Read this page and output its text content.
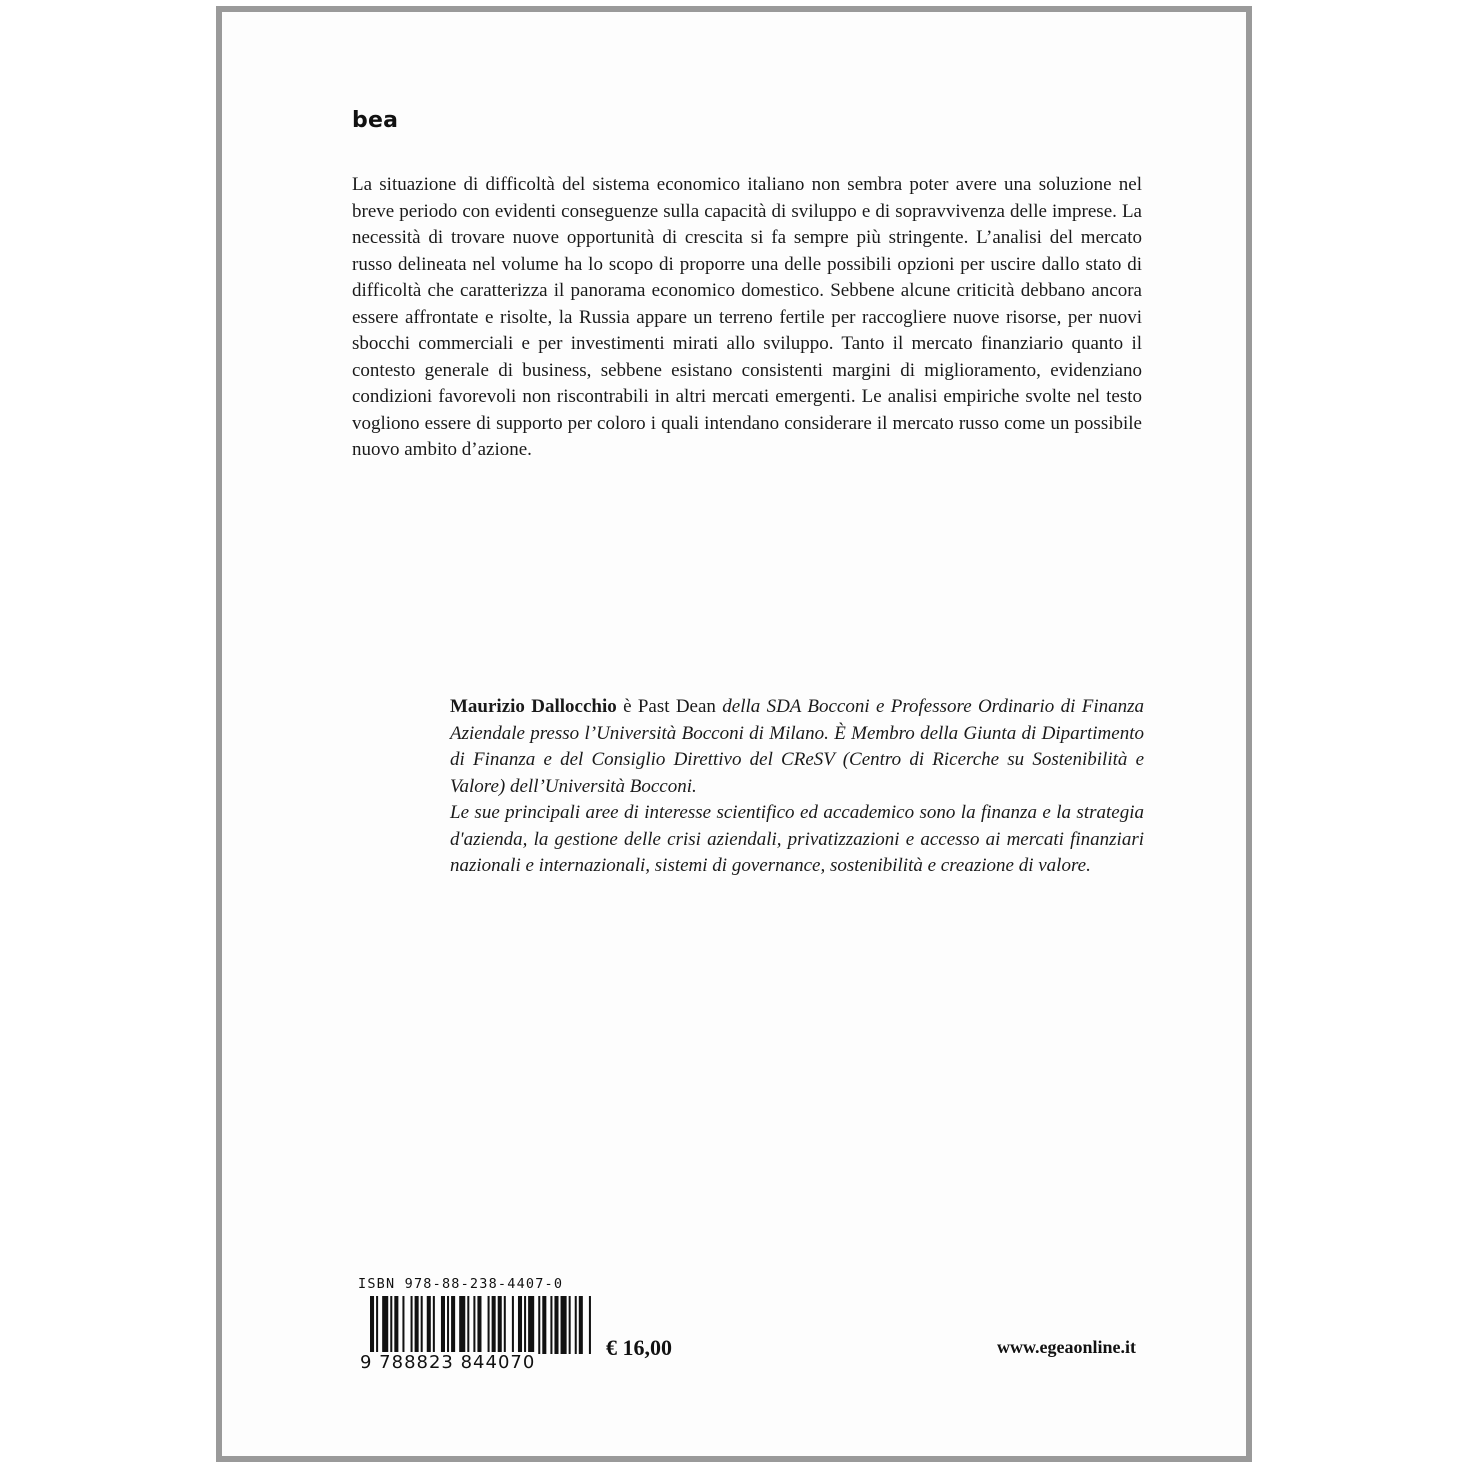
bea

La situazione di difficoltà del sistema economico italiano non sembra poter avere una soluzione nel breve periodo con evidenti conseguenze sulla capacità di sviluppo e di sopravvivenza delle imprese. La necessità di trovare nuove opportunità di crescita si fa sempre più stringente. L’analisi del mercato russo delineata nel volume ha lo scopo di proporre una delle possibili opzioni per uscire dallo stato di difficoltà che caratterizza il panorama economico domestico. Sebbene alcune criticità debbano ancora essere affrontate e risolte, la Russia appare un terreno fertile per raccogliere nuove risorse, per nuovi sbocchi commerciali e per investimenti mirati allo sviluppo. Tanto il mercato finanziario quanto il contesto generale di business, sebbene esistano consistenti margini di miglioramento, evidenziano condizioni favorevoli non riscontrabili in altri mercati emergenti. Le analisi empiriche svolte nel testo vogliono essere di supporto per coloro i quali intendano considerare il mercato russo come un possibile nuovo ambito d’azione.

Maurizio Dallocchio è Past Dean della SDA Bocconi e Professore Ordinario di Finanza Aziendale presso l’Università Bocconi di Milano. È Membro della Giunta di Dipartimento di Finanza e del Consiglio Direttivo del CReSV (Centro di Ricerche su Sostenibilità e Valore) dell’Università Bocconi.
Le sue principali aree di interesse scientifico ed accademico sono la finanza e la strategia d'azienda, la gestione delle crisi aziendali, privatizzazioni e accesso ai mercati finanziari nazionali e internazionali, sistemi di governance, sostenibilità e creazione di valore.

ISBN 978-88-238-4407-0
9 788823 844070
€ 16,00	www.egeaonline.it
